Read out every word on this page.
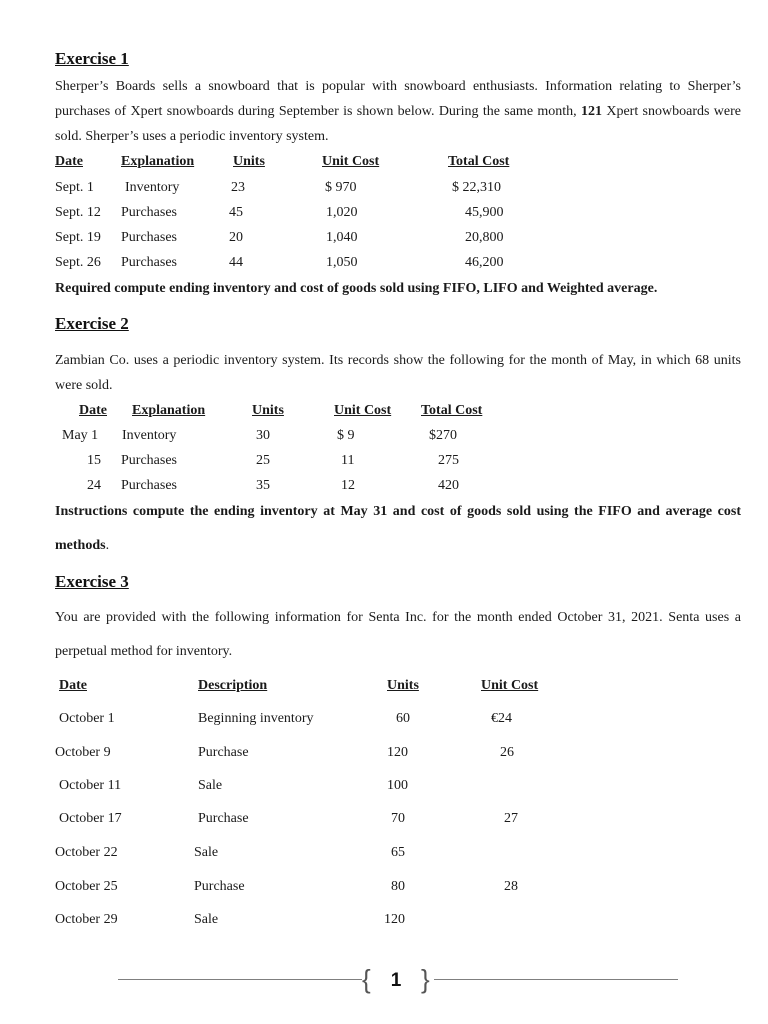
Exercise 1
Sherper’s Boards sells a snowboard that is popular with snowboard enthusiasts. Information relating to Sherper’s purchases of Xpert snowboards during September is shown below. During the same month, 121 Xpert snowboards were sold. Sherper’s uses a periodic inventory system.
Date	Explanation	Units	Unit Cost	Total Cost
Sept. 1 Inventory	23	$ 970	$ 22,310
Sept. 12 Purchases	45	1,020	45,900
Sept. 19 Purchases	20	1,040	20,800
Sept. 26 Purchases	44	1,050	46,200
Required compute ending inventory and cost of goods sold using FIFO, LIFO and Weighted average.
Exercise 2
Zambian Co. uses a periodic inventory system. Its records show the following for the month of May, in which 68 units were sold.
Date Explanation	Units	Unit Cost Total Cost
May 1 Inventory	30	$ 9	$270
15 Purchases	25	11	275
24 Purchases	35	12	420
Instructions compute the ending inventory at May 31 and cost of goods sold using the FIFO and average cost methods.
Exercise 3
You are provided with the following information for Senta Inc. for the month ended October 31, 2021. Senta uses a perpetual method for inventory.
Date	Description	Units	Unit Cost
October 1	Beginning inventory	60	€24
October 9	Purchase	120	26
October 11	Sale	100
October 17	Purchase	70	27
October 22	Sale	65
October 25	Purchase	80	28
October 29	Sale	120
{	1 }
